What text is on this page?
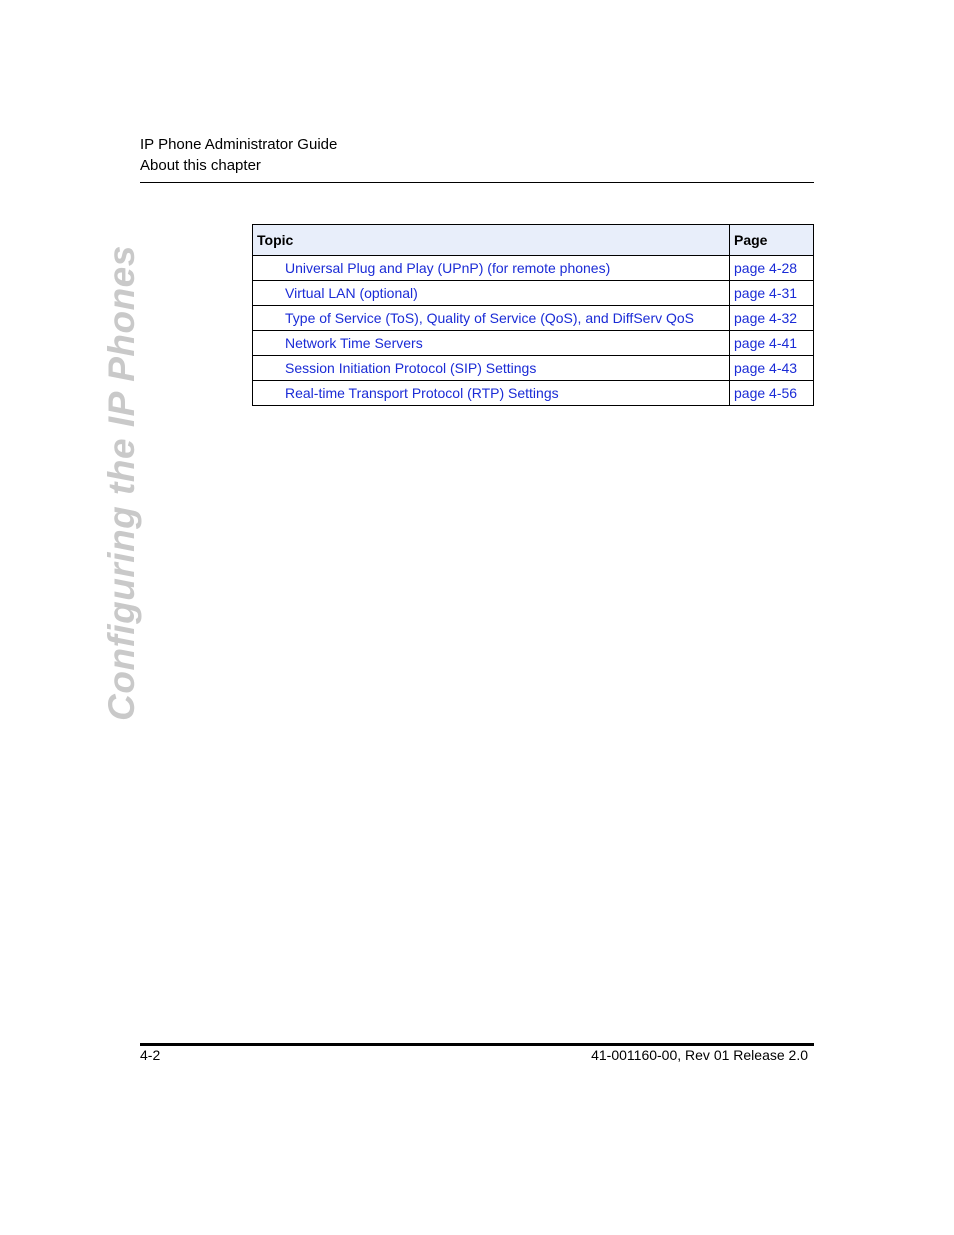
IP Phone Administrator Guide
About this chapter
Configuring the IP Phones
Topic	Page
Universal Plug and Play (UPnP) (for remote phones)	page 4-28
Virtual LAN (optional)	page 4-31
Type of Service (ToS), Quality of Service (QoS), and DiffServ QoS	page 4-32
Network Time Servers	page 4-41
Session Initiation Protocol (SIP) Settings	page 4-43
Real-time Transport Protocol (RTP) Settings	page 4-56
4-2	41-001160-00, Rev 01 Release 2.0
